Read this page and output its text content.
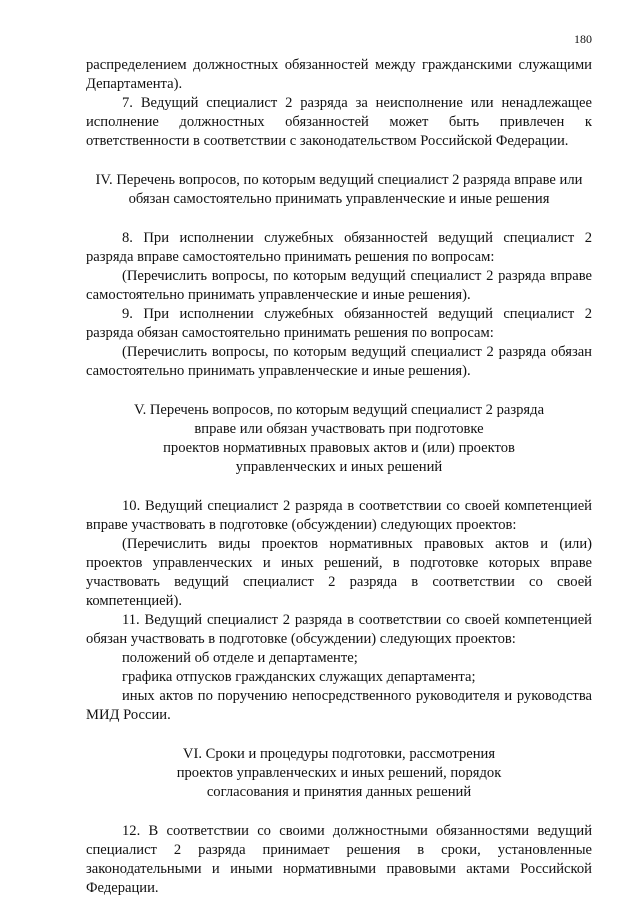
180

распределением должностных обязанностей между гражданскими служащими Департамента).

7. Ведущий специалист 2 разряда за неисполнение или ненадлежащее исполнение должностных обязанностей может быть привлечен к ответственности в соответствии с законодательством Российской Федерации.

IV. Перечень вопросов, по которым ведущий специалист 2 разряда вправе или
обязан самостоятельно принимать управленческие и иные решения

8. При исполнении служебных обязанностей ведущий специалист 2 разряда вправе самостоятельно принимать решения по вопросам:

(Перечислить вопросы, по которым ведущий специалист 2 разряда вправе самостоятельно принимать управленческие и иные решения).

9. При исполнении служебных обязанностей ведущий специалист 2 разряда обязан самостоятельно принимать решения по вопросам:

(Перечислить вопросы, по которым ведущий специалист 2 разряда обязан самостоятельно принимать управленческие и иные решения).

V. Перечень вопросов, по которым ведущий специалист 2 разряда
вправе или обязан участвовать при подготовке
проектов нормативных правовых актов и (или) проектов
управленческих и иных решений

10. Ведущий специалист 2 разряда в соответствии со своей компетенцией вправе участвовать в подготовке (обсуждении) следующих проектов:

(Перечислить виды проектов нормативных правовых актов и (или) проектов управленческих и иных решений, в подготовке которых вправе участвовать ведущий специалист 2 разряда в соответствии со своей компетенцией).

11. Ведущий специалист 2 разряда в соответствии со своей компетенцией обязан участвовать в подготовке (обсуждении) следующих проектов:

положений об отделе и департаменте;

графика отпусков гражданских служащих департамента;

иных актов по поручению непосредственного руководителя и руководства МИД России.

VI. Сроки и процедуры подготовки, рассмотрения
проектов управленческих и иных решений, порядок
согласования и принятия данных решений

12. В соответствии со своими должностными обязанностями ведущий специалист 2 разряда принимает решения в сроки, установленные законодательными и иными нормативными правовыми актами Российской Федерации.
